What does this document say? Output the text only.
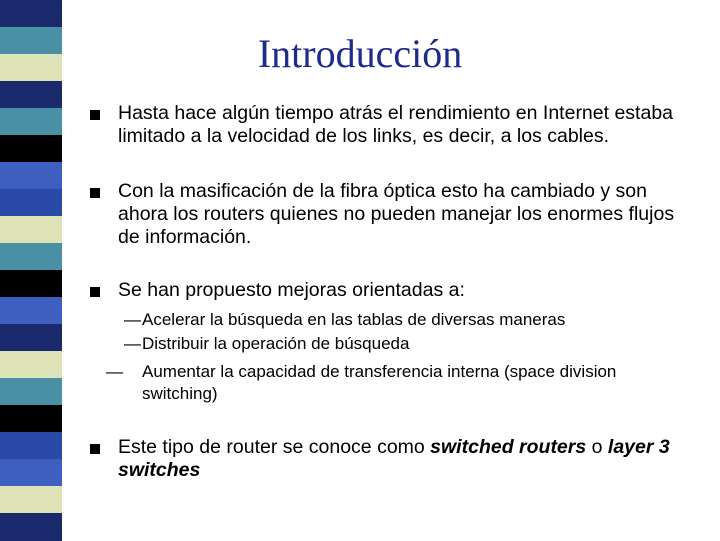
Introducción
Hasta hace algún tiempo atrás el rendimiento en Internet estaba limitado a la velocidad de los links, es decir, a los cables.
Con la masificación de la fibra óptica esto ha cambiado y son ahora los routers quienes no pueden manejar los enormes flujos de información.
Se han propuesto mejoras orientadas a:
—Acelerar la búsqueda en las tablas de diversas maneras
—Distribuir la operación de búsqueda
— Aumentar la capacidad de transferencia interna (space division switching)
Este tipo de router se conoce como switched routers o layer 3 switches
